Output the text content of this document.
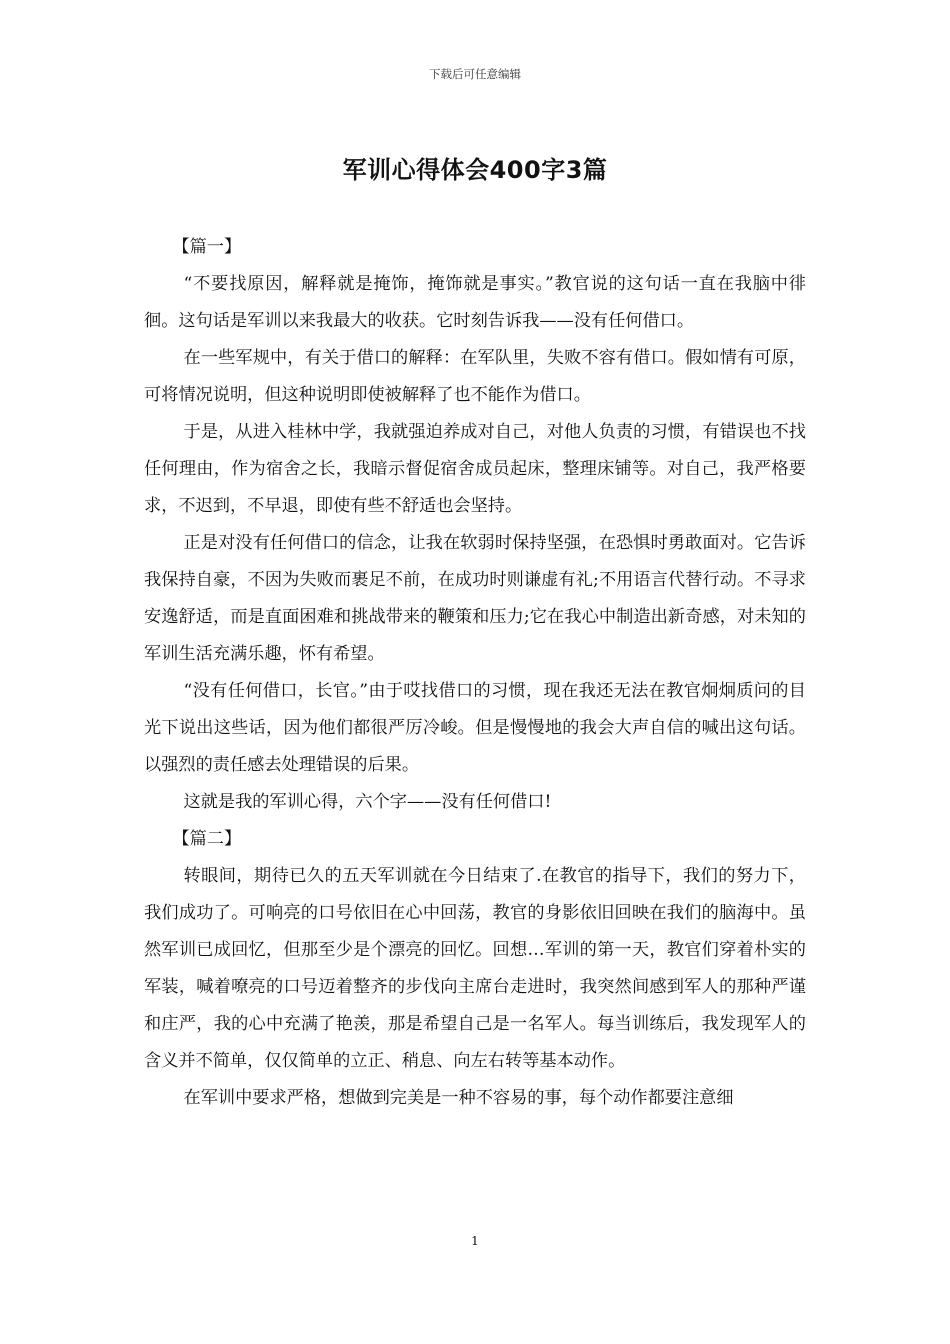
下载后可任意编辑
军训心得体会400字3篇

【篇一】

“不要找原因，解释就是掩饰，掩饰就是事实。”教官说的这句话一直在我脑中徘徊。这句话是军训以来我最大的收获。它时刻告诉我——没有任何借口。

在一些军规中，有关于借口的解释：在军队里，失败不容有借口。假如情有可原，可将情况说明，但这种说明即使被解释了也不能作为借口。

于是，从进入桂林中学，我就强迫养成对自己，对他人负责的习惯，有错误也不找任何理由，作为宿舍之长，我暗示督促宿舍成员起床，整理床铺等。对自己，我严格要求，不迟到，不早退，即使有些不舒适也会坚持。

正是对没有任何借口的信念，让我在软弱时保持坚强，在恐惧时勇敢面对。它告诉我保持自豪，不因为失败而裹足不前，在成功时则谦虚有礼;不用语言代替行动。不寻求安逸舒适，而是直面困难和挑战带来的鞭策和压力;它在我心中制造出新奇感，对未知的军训生活充满乐趣，怀有希望。

“没有任何借口，长官。”由于哎找借口的习惯，现在我还无法在教官炯炯质问的目光下说出这些话，因为他们都很严厉冷峻。但是慢慢地的我会大声自信的喊出这句话。以强烈的责任感去处理错误的后果。

这就是我的军训心得，六个字——没有任何借口!

【篇二】

转眼间，期待已久的五天军训就在今日结束了.在教官的指导下，我们的努力下，我们成功了。可响亮的口号依旧在心中回荡，教官的身影依旧回映在我们的脑海中。虽然军训已成回忆，但那至少是个漂亮的回忆。回想…军训的第一天，教官们穿着朴实的军装，喊着嘹亮的口号迈着整齐的步伐向主席台走进时，我突然间感到军人的那种严谨和庄严，我的心中充满了艳羡，那是希望自己是一名军人。每当训练后，我发现军人的含义并不简单，仅仅简单的立正、稍息、向左右转等基本动作。

在军训中要求严格，想做到完美是一种不容易的事，每个动作都要注意细

1
